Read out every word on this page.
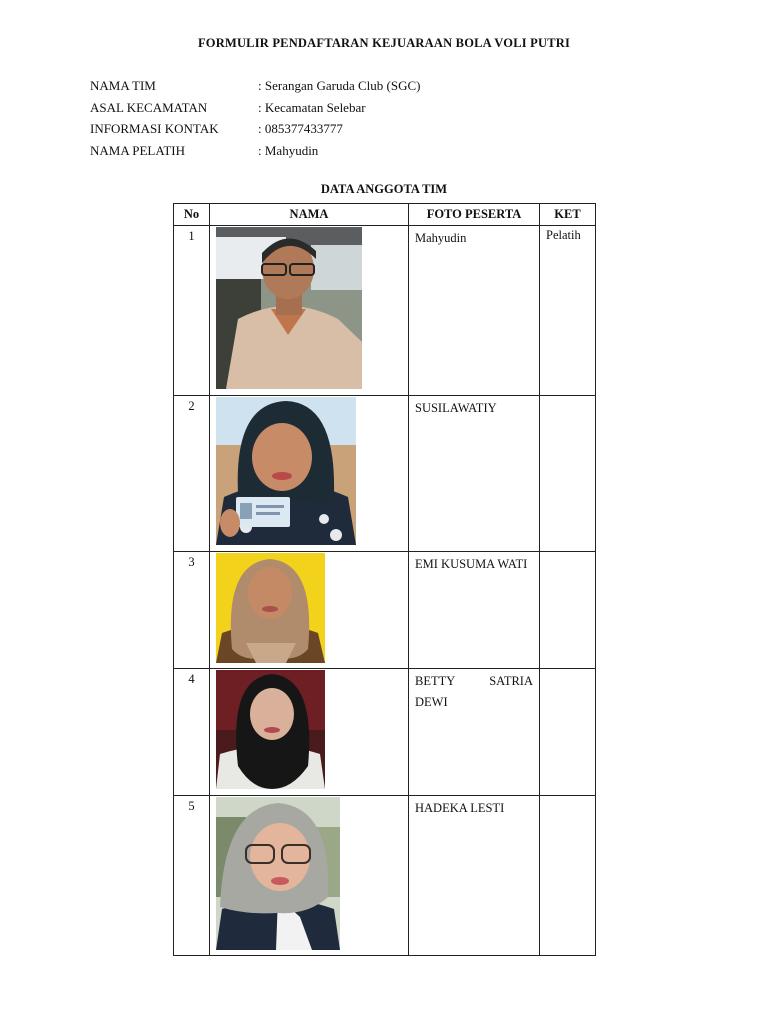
FORMULIR PENDAFTARAN KEJUARAAN BOLA VOLI PUTRI
NAMA TIM	: Serangan Garuda Club (SGC)
ASAL KECAMATAN	: Kecamatan Selebar
INFORMASI KONTAK	: 085377433777
NAMA PELATIH	: Mahyudin
DATA ANGGOTA TIM
No	NAMA	FOTO PESERTA	KET

1		Mahyudin	Pelatih

2		SUSILAWATIY	

3		EMI KUSUMA WATI	

4		BETTY SATRIA DEWI	

5		HADEKA LESTI	
